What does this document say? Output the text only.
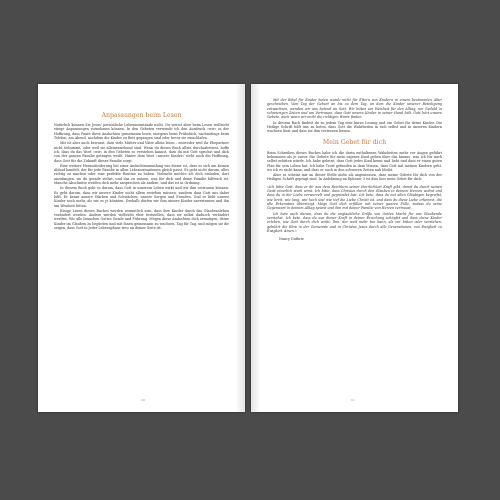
Anpassungen beim Lesen

Natürlich können Sie Jesus' persönliche Lebensumstände nicht. Du weisst aber beim Lesen vielleicht einige Anpassungen vornehmen können. In den Gebeten verwende ich den Ausdruck »wir« in der Hoffnung, dass Paare diese Andachten gemeinsam lesen, morgens beim Frühstück, nachmittags beim Telefon, am Abend, nachdem die Kinder zu Bett gegangen sind oder bevor sie einschlafen.

Mir ist aber auch bewusst, dass viele Mütter und Väter allein lesen – entweder weil ihr Ehepartner nicht teilnimmt, oder weil sie alleinerziehend sind. Wenn du dieses Buch allein durcharbeitest, hoffe ich, dass du das Wort »wir« in den Gebeten so verstehen kannst, dass du mit Gott sprichst und dich von der ganzen Familie getragen weißt. Hinter dem Wort »unsere Kinder« steht auch die Hoffnung, dass Gott für die Zukunft dieser Familie sorgt.

Eine weitere Herausforderung bei einer Andachtssammlung wie dieser ist, dass es sich um keinen Ablauf handelt, der für jede Familie in allen Lebenssituationen gleich passt. Es geht nicht darum, alles richtig zu machen oder eine perfekte Routine zu haben. Vielmehr möchte ich dich einladen, dort anzufangen, wo du gerade stehst, und das zu nutzen, was für dich und deine Familie hilfreich ist. Manche Abschnitte werden dich mehr ansprechen als andere, und das ist in Ordnung.

In diesem Buch geht es darum, dass Gott in unserem Leben wirkt und wir ihm vertrauen können. Es geht darum, dass wir unsere Kinder nicht allein erziehen müssen, sondern dass Gott uns dabei hilft. Er kennt unsere Stärken und Schwächen, unsere Sorgen und Freuden. Und er liebt unsere Kinder noch mehr, als wir es je könnten. Deshalb dürfen wir ihm unsere Kinder anvertrauen und ihn um Weisheit bitten.

Einige Lesen dieses Buches werden vermutlich sein, dass ihre Kinder durch das Glaubensleben verändert werden. Andere werden vielleicht eher feststellen, dass sie selbst dadurch verändert werden. Wir alle brauchen Gottes Gnade und Führung. Mögen diese Andachten dich ermutigen, deine Kinder im Glauben zu begleiten und mit ihnen gemeinsam zu wachsen, Tag für Tag, und mögen sie dir zeigen, dass Gott in jeder Lebensphase treu an deiner Seite ist.

10

Mit der Bibel für Kinder beten wurde nicht für Eltern von Kindern in einem bestimmten Alter geschrieben. Vom Tag der Geburt an bis zu dem Tag, an dem die Kinder unserer Beteiligung entwachsen, wenden wir uns betend an Gott. Wir bitten um Weisheit für den Alltag, um Geduld in schwierigen Zeiten und um Vertrauen, dass Gott unsere Kinder in seiner Hand hält. Gott hört unsere Gebete, auch wenn wir nicht die richtigen Worte finden.

In diesem Buch findest du zu jedem Tag eine kurze Lesung und ein Gebet für deine Kinder. Die Heilige Schrift hilft uns zu beten, dass Gott die Wahrheiten in sich selbst und in unseren Kindern wachsen lässt und dass sie ihm vertrauen lernen.

Mein Gebet für dich

Beim Schreiben dieses Buches habe ich die darin enthaltenen Wahrheiten mehr vor Augen geführt bekommen als je zuvor. Die Gebete für mein eigenes Kind gehen über das hinaus, was ich für mich selbst erbitten würde. Ich habe gelernt, dass Gott jedes Kind kennt und liebt und dass er einen guten Plan für sein Leben hat. Ich habe Trost gefunden in dem Wissen, dass Gott mit meinen Kindern geht, wo ich es nicht kann, und dass er auch in den schweren Zeiten nah bleibt.

Aber es scheint mir an dieser Stelle mehr als angemessen, dass meine Gebete für dich von der Heiligen Schrift geprägt sind. In Anlehnung an Epheser 3 ist dies hier mein Gebet für dich:

»Ich bitte Gott, dass er dir aus dem Reichtum seiner Herrlichkeit Kraft gibt, damit du durch seinen Geist innerlich stark wirst. Ich bitte, dass Christus durch den Glauben in deinem Herzen wohnt und dass du in der Liebe verwurzelt und gegründet bist. Ich bete, dass du mit allen Gläubigen begreifst, wie breit, wie lang, wie hoch und wie tief die Liebe Christi ist, und dass du diese Liebe erkennst, die alle Erkenntnis übersteigt. Möge Gott dich erfüllen mit seiner ganzen Fülle, sodass du seine Gegenwart in deinem Alltag spürst und ihm mit deiner Familie von Herzen vertraust.

Ich bete auch darum, dass du die unglaubliche Größe von Gottes Macht für uns Glaubende verstehst. Ich bete, dass du aus dieser Kraft in deiner Erziehung schöpfst und dass deine Kinder erleben, wie Gott durch dich wirkt. Ihm, der weit mehr tun kann, als wir bitten oder verstehen, gebührt die Ehre in der Gemeinde und in Christus Jesus durch alle Generationen, von Ewigkeit zu Ewigkeit. Amen.«

Nancy Guthrie
11
